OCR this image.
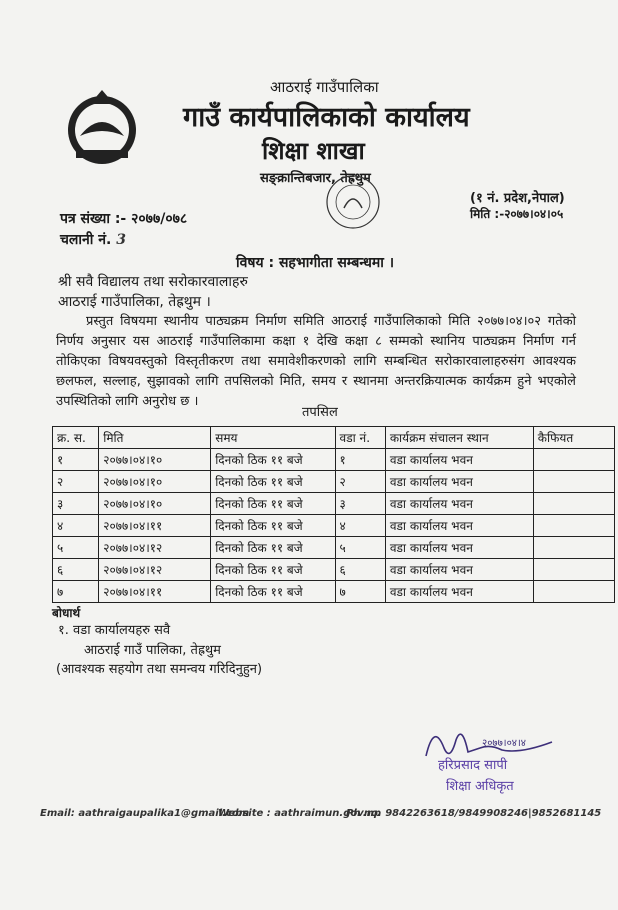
आठराई गाउँपालिका
गाउँ कार्यपालिकाको कार्यालय
शिक्षा शाखा
सङ्क्रान्तिबजार, तेह्रथुम
(१ नं. प्रदेश,नेपाल)
मिति :-२०७७।०४।०५
पत्र संख्या :- २०७७/०७८
चलानी नं. 3
विषय : सहभागीता सम्बन्धमा ।
श्री सवै विद्यालय तथा सरोकारवालाहरु
आठराई गाउँपालिका, तेह्रथुम ।
प्रस्तुत विषयमा स्थानीय पाठ्यक्रम निर्माण समिति आठराई गाउँपालिकाको मिति २०७७।०४।०२ गतेको निर्णय अनुसार यस आठराई गाउँपालिकामा कक्षा १ देखि कक्षा ८ सम्मको स्थानिय पाठ्यक्रम निर्माण गर्न तोकिएका विषयवस्तुको विस्तृतीकरण तथा समावेशीकरणको लागि सम्बन्धित सरोकारवालाहरुसंग आवश्यक छलफल, सल्लाह, सुझावको लागि तपसिलको मिति, समय र स्थानमा अन्तरक्रियात्मक कार्यक्रम हुने भएकोले उपस्थितिको लागि अनुरोध छ ।
तपसिल
क्र. स.	मिति	समय	वडा नं.	कार्यक्रम संचालन स्थान	कैफियत
१	२०७७।०४।१०	दिनको ठिक ११ बजे	१	वडा कार्यालय भवन	
२	२०७७।०४।१०	दिनको ठिक ११ बजे	२	वडा कार्यालय भवन	
३	२०७७।०४।१०	दिनको ठिक ११ बजे	३	वडा कार्यालय भवन	
४	२०७७।०४।११	दिनको ठिक ११ बजे	४	वडा कार्यालय भवन	
५	२०७७।०४।१२	दिनको ठिक ११ बजे	५	वडा कार्यालय भवन	
६	२०७७।०४।१२	दिनको ठिक ११ बजे	६	वडा कार्यालय भवन	
७	२०७७।०४।११	दिनको ठिक ११ बजे	७	वडा कार्यालय भवन	
बोधार्थ
१. वडा कार्यालयहरु सवै
आठराई गाउँ पालिका, तेह्रथुम
(आवश्यक सहयोग तथा समन्वय गरिदिनुहुन)
२०७७।०४।४
हरिप्रसाद सापी
शिक्षा अधिकृत
Email: aathraigaupalika1@gmail.com
Website : aathraimun.gov.np
Ph no. 9842263618/9849908246|9852681145
